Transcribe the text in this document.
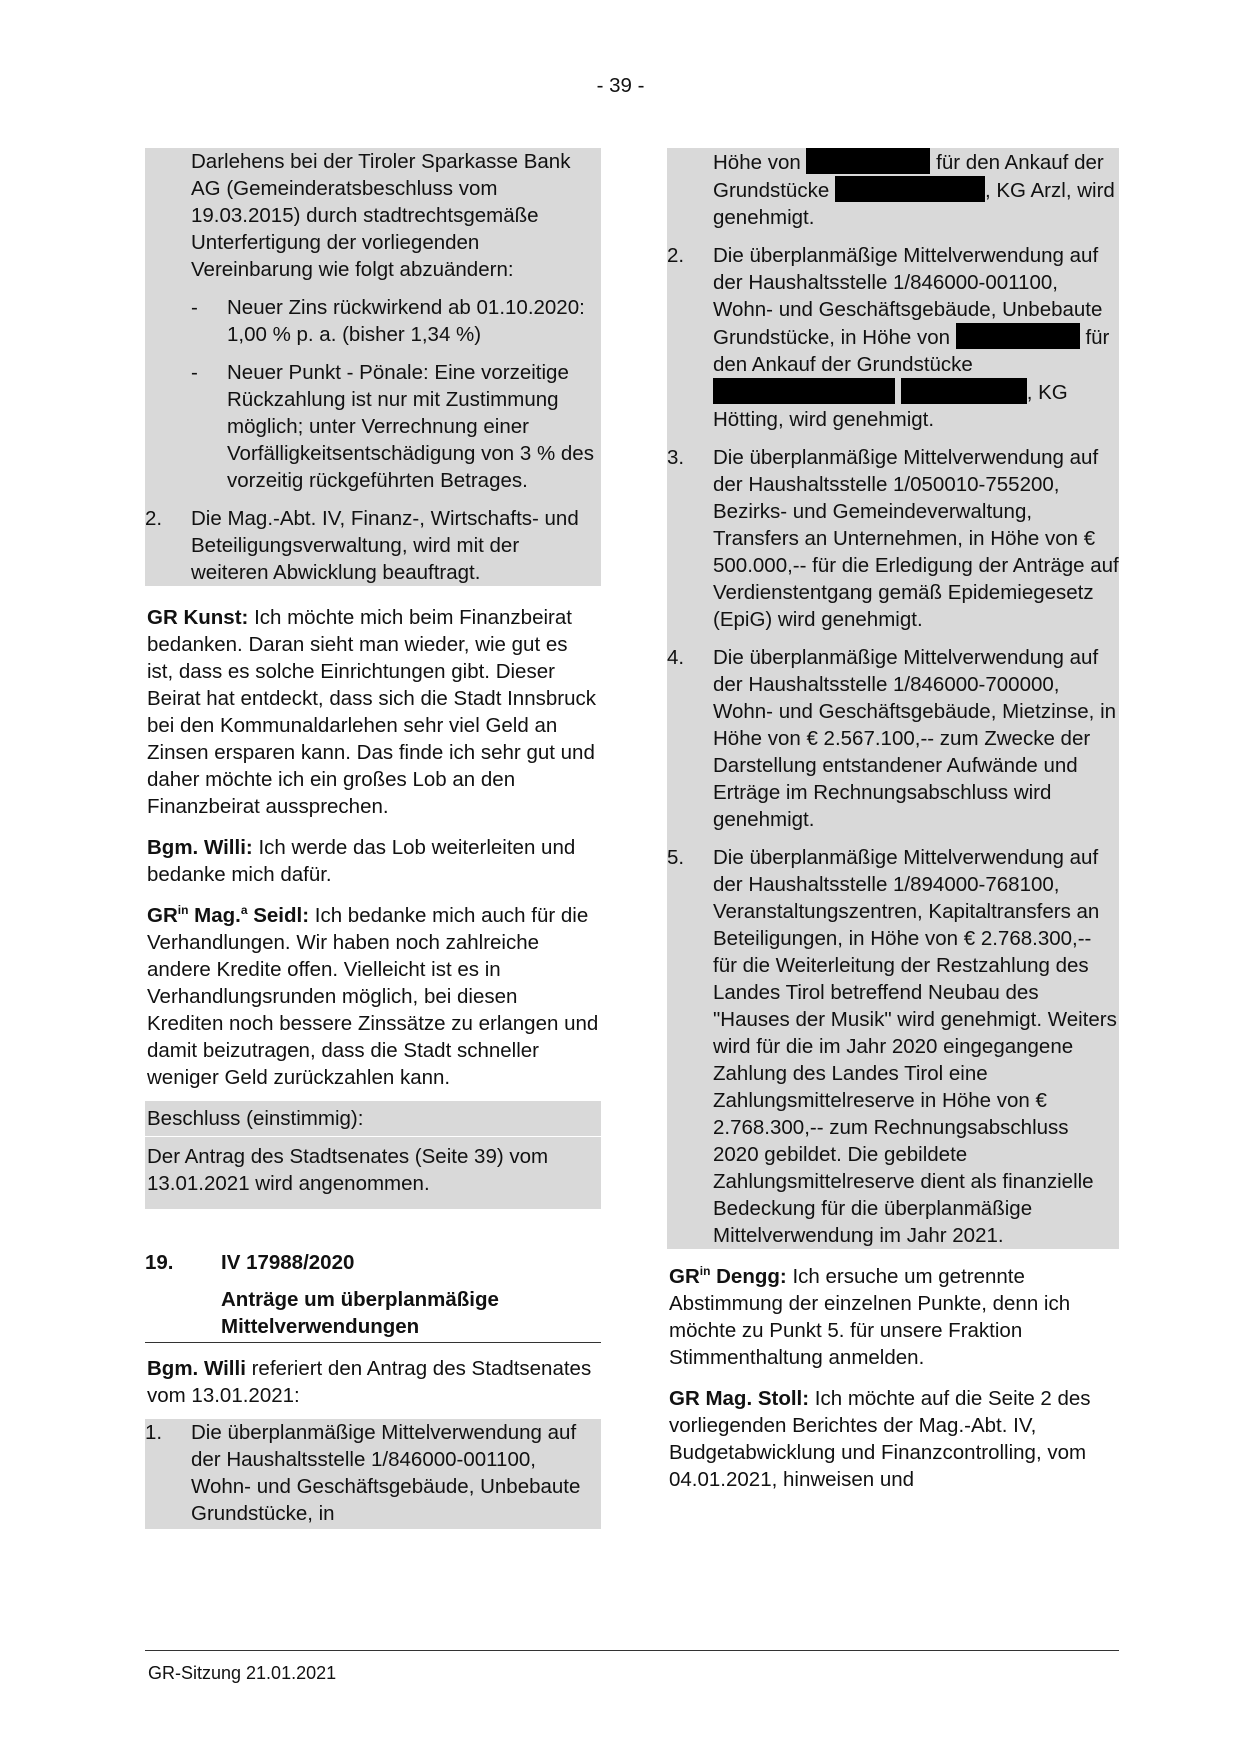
- 39 -
Darlehens bei der Tiroler Sparkasse Bank AG (Gemeinderatsbeschluss vom 19.03.2015) durch stadtrechtsgemäße Unterfertigung der vorliegenden Vereinbarung wie folgt abzuändern:
-	Neuer Zins rückwirkend ab 01.10.2020: 1,00 % p. a. (bisher 1,34 %)
-	Neuer Punkt - Pönale: Eine vorzeitige Rückzahlung ist nur mit Zustimmung möglich; unter Verrechnung einer Vorfälligkeitsentschädigung von 3 % des vorzeitig rückgeführten Betrages.
2.	Die Mag.-Abt. IV, Finanz-, Wirtschafts- und Beteiligungsverwaltung, wird mit der weiteren Abwicklung beauftragt.
GR Kunst: Ich möchte mich beim Finanzbeirat bedanken. Daran sieht man wieder, wie gut es ist, dass es solche Einrichtungen gibt. Dieser Beirat hat entdeckt, dass sich die Stadt Innsbruck bei den Kommunaldarlehen sehr viel Geld an Zinsen ersparen kann. Das finde ich sehr gut und daher möchte ich ein großes Lob an den Finanzbeirat aussprechen.
Bgm. Willi: Ich werde das Lob weiterleiten und bedanke mich dafür.
$GR^{in}$ Mag.$^a$ Seidl: Ich bedanke mich auch für die Verhandlungen. Wir haben noch zahlreiche andere Kredite offen. Vielleicht ist es in Verhandlungsrunden möglich, bei diesen Krediten noch bessere Zinssätze zu erlangen und damit beizutragen, dass die Stadt schneller weniger Geld zurückzahlen kann.
Beschluss (einstimmig):
Der Antrag des Stadtsenates (Seite 39) vom 13.01.2021 wird angenommen.
19.	IV 17988/2020
Anträge um überplanmäßige Mittelverwendungen
Bgm. Willi referiert den Antrag des Stadtsenates vom 13.01.2021:
1.	Die überplanmäßige Mittelverwendung auf der Haushaltsstelle 1/846000-001100, Wohn- und Geschäftsgebäude, Unbebaute Grundstücke, in
Höhe von	für den Ankauf der Grundstücke	, KG Arzl, wird genehmigt.
2.	Die überplanmäßige Mittelverwendung auf der Haushaltsstelle 1/846000-001100, Wohn- und Geschäftsgebäude, Unbebaute Grundstücke, in Höhe von	für den Ankauf der Grundstücke  , KG Hötting, wird genehmigt.
3.	Die überplanmäßige Mittelverwendung auf der Haushaltsstelle 1/050010-755200, Bezirks- und Gemeindeverwaltung, Transfers an Unternehmen, in Höhe von € 500.000,-- für die Erledigung der Anträge auf Verdienstentgang gemäß Epidemiegesetz (EpiG) wird genehmigt.
4.	Die überplanmäßige Mittelverwendung auf der Haushaltsstelle 1/846000-700000, Wohn- und Geschäftsgebäude, Mietzinse, in Höhe von € 2.567.100,-- zum Zwecke der Darstellung entstandener Aufwände und Erträge im Rechnungsabschluss wird genehmigt.
5.	Die überplanmäßige Mittelverwendung auf der Haushaltsstelle 1/894000-768100, Veranstaltungszentren, Kapitaltransfers an Beteiligungen, in Höhe von € 2.768.300,-- für die Weiterleitung der Restzahlung des Landes Tirol betreffend Neubau des "Hauses der Musik" wird genehmigt. Weiters wird für die im Jahr 2020 eingegangene Zahlung des Landes Tirol eine Zahlungsmittelreserve in Höhe von € 2.768.300,-- zum Rechnungsabschluss 2020 gebildet. Die gebildete Zahlungsmittelreserve dient als finanzielle Bedeckung für die überplanmäßige Mittelverwendung im Jahr 2021.
$GR^{in}$ Dengg: Ich ersuche um getrennte Abstimmung der einzelnen Punkte, denn ich möchte zu Punkt 5. für unsere Fraktion Stimmenthaltung anmelden.
GR Mag. Stoll: Ich möchte auf die Seite 2 des vorliegenden Berichtes der Mag.-Abt. IV, Budgetabwicklung und Finanzcontrolling, vom 04.01.2021, hinweisen und
GR-Sitzung 21.01.2021
